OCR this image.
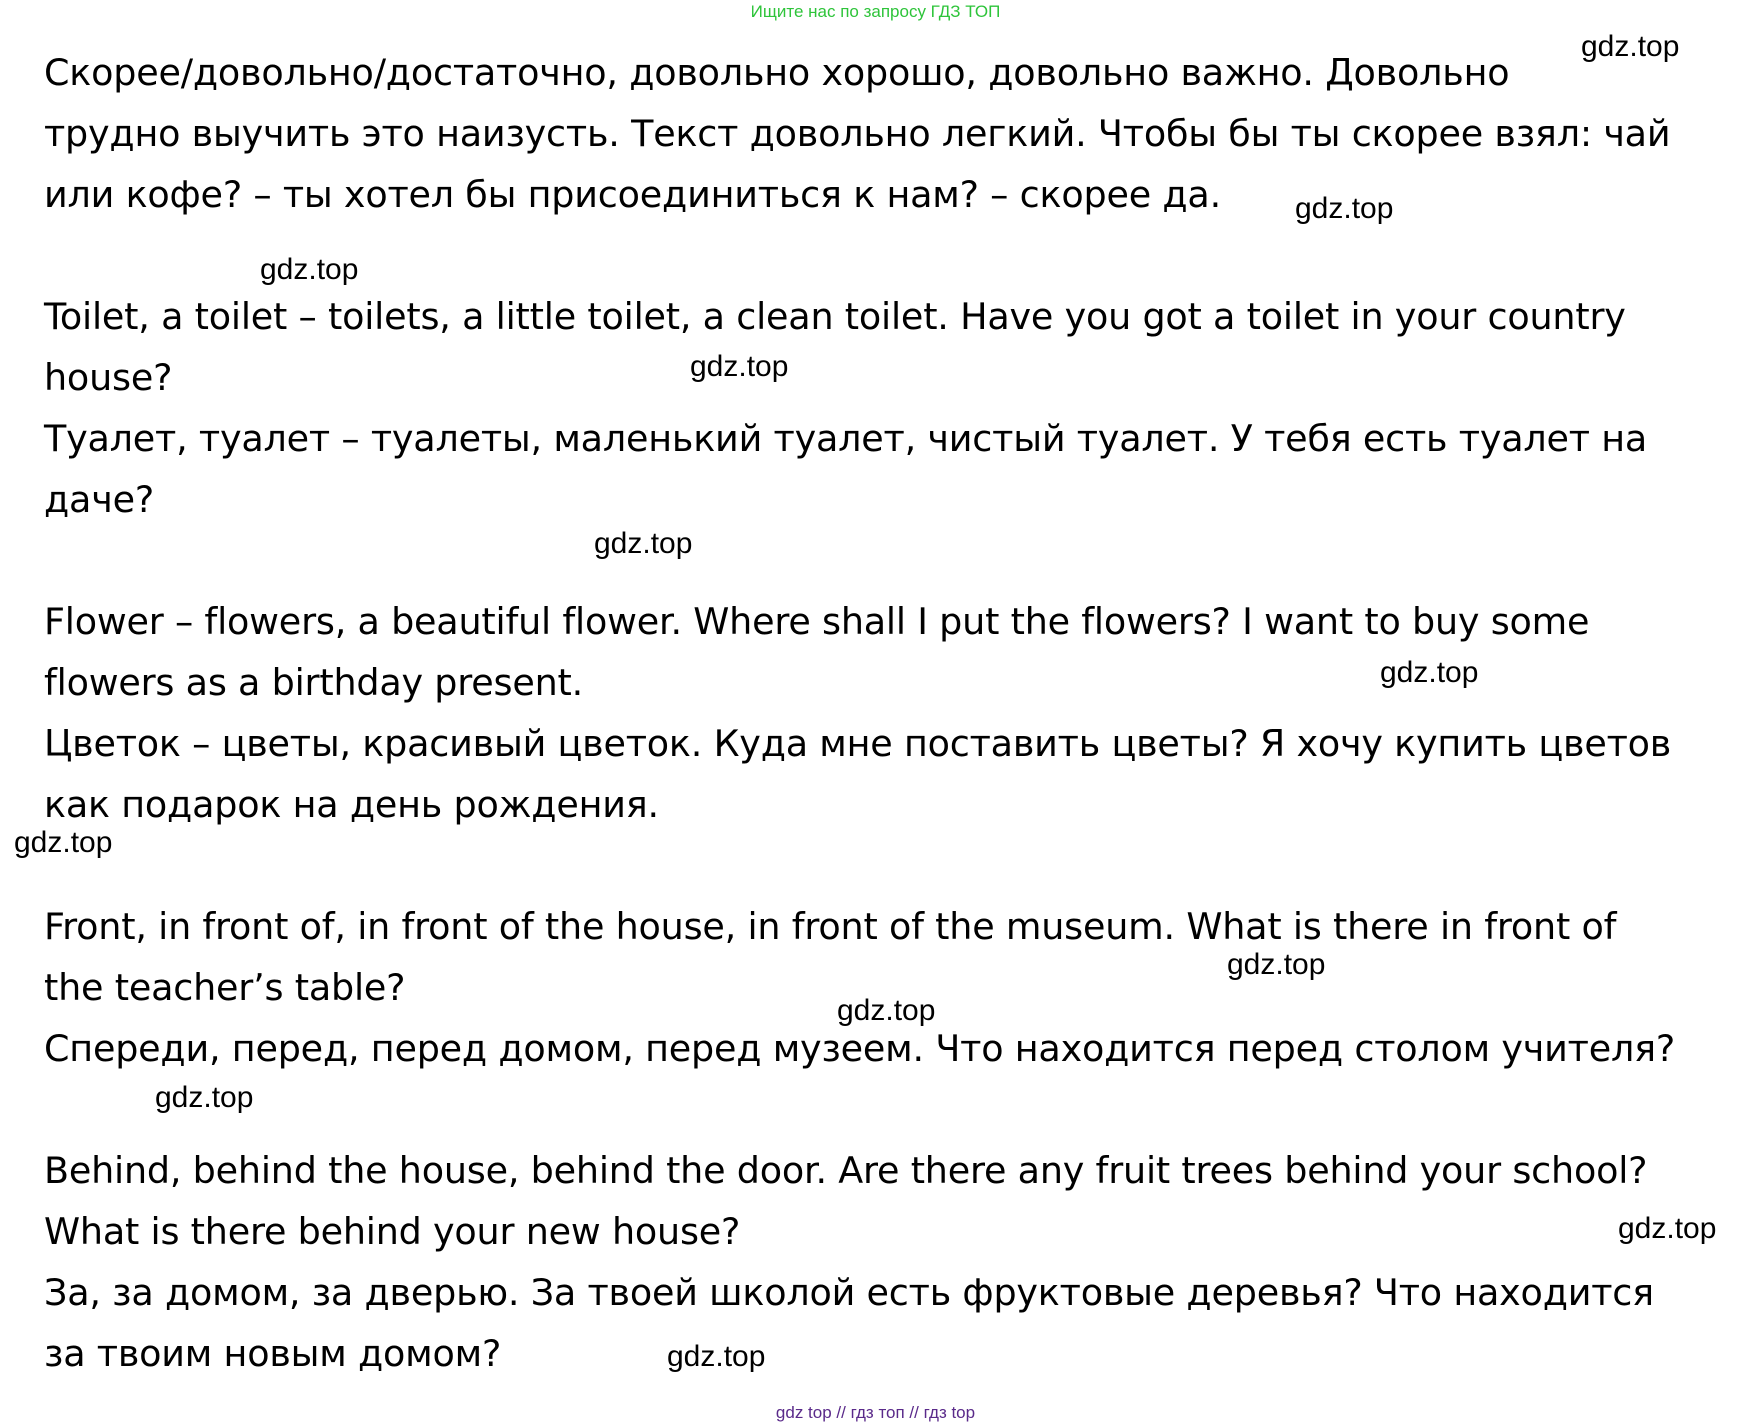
Ищите нас по запросу ГДЗ ТОП
Скорее/довольно/достаточно, довольно хорошо, довольно важно. Довольно
трудно выучить это наизусть. Текст довольно легкий. Чтобы бы ты скорее взял: чай
или кофе? – ты хотел бы присоединиться к нам? – скорее да.
Toilet, a toilet – toilets, a little toilet, a clean toilet. Have you got a toilet in your country
house?
Туалет, туалет – туалеты, маленький туалет, чистый туалет. У тебя есть туалет на
даче?
Flower – flowers, a beautiful flower. Where shall I put the flowers? I want to buy some
flowers as a birthday present.
Цветок – цветы, красивый цветок. Куда мне поставить цветы? Я хочу купить цветов
как подарок на день рождения.
Front, in front of, in front of the house, in front of the museum. What is there in front of
the teacher’s table?
Спереди, перед, перед домом, перед музеем. Что находится перед столом учителя?
Behind, behind the house, behind the door. Are there any fruit trees behind your school?
What is there behind your new house?
За, за домом, за дверью. За твоей школой есть фруктовые деревья? Что находится
за твоим новым домом?
gdz.top
gdz.top
gdz.top
gdz.top
gdz.top
gdz.top
gdz.top
gdz.top
gdz.top
gdz.top
gdz.top
gdz.top
gdz top // гдз топ // гдз top
